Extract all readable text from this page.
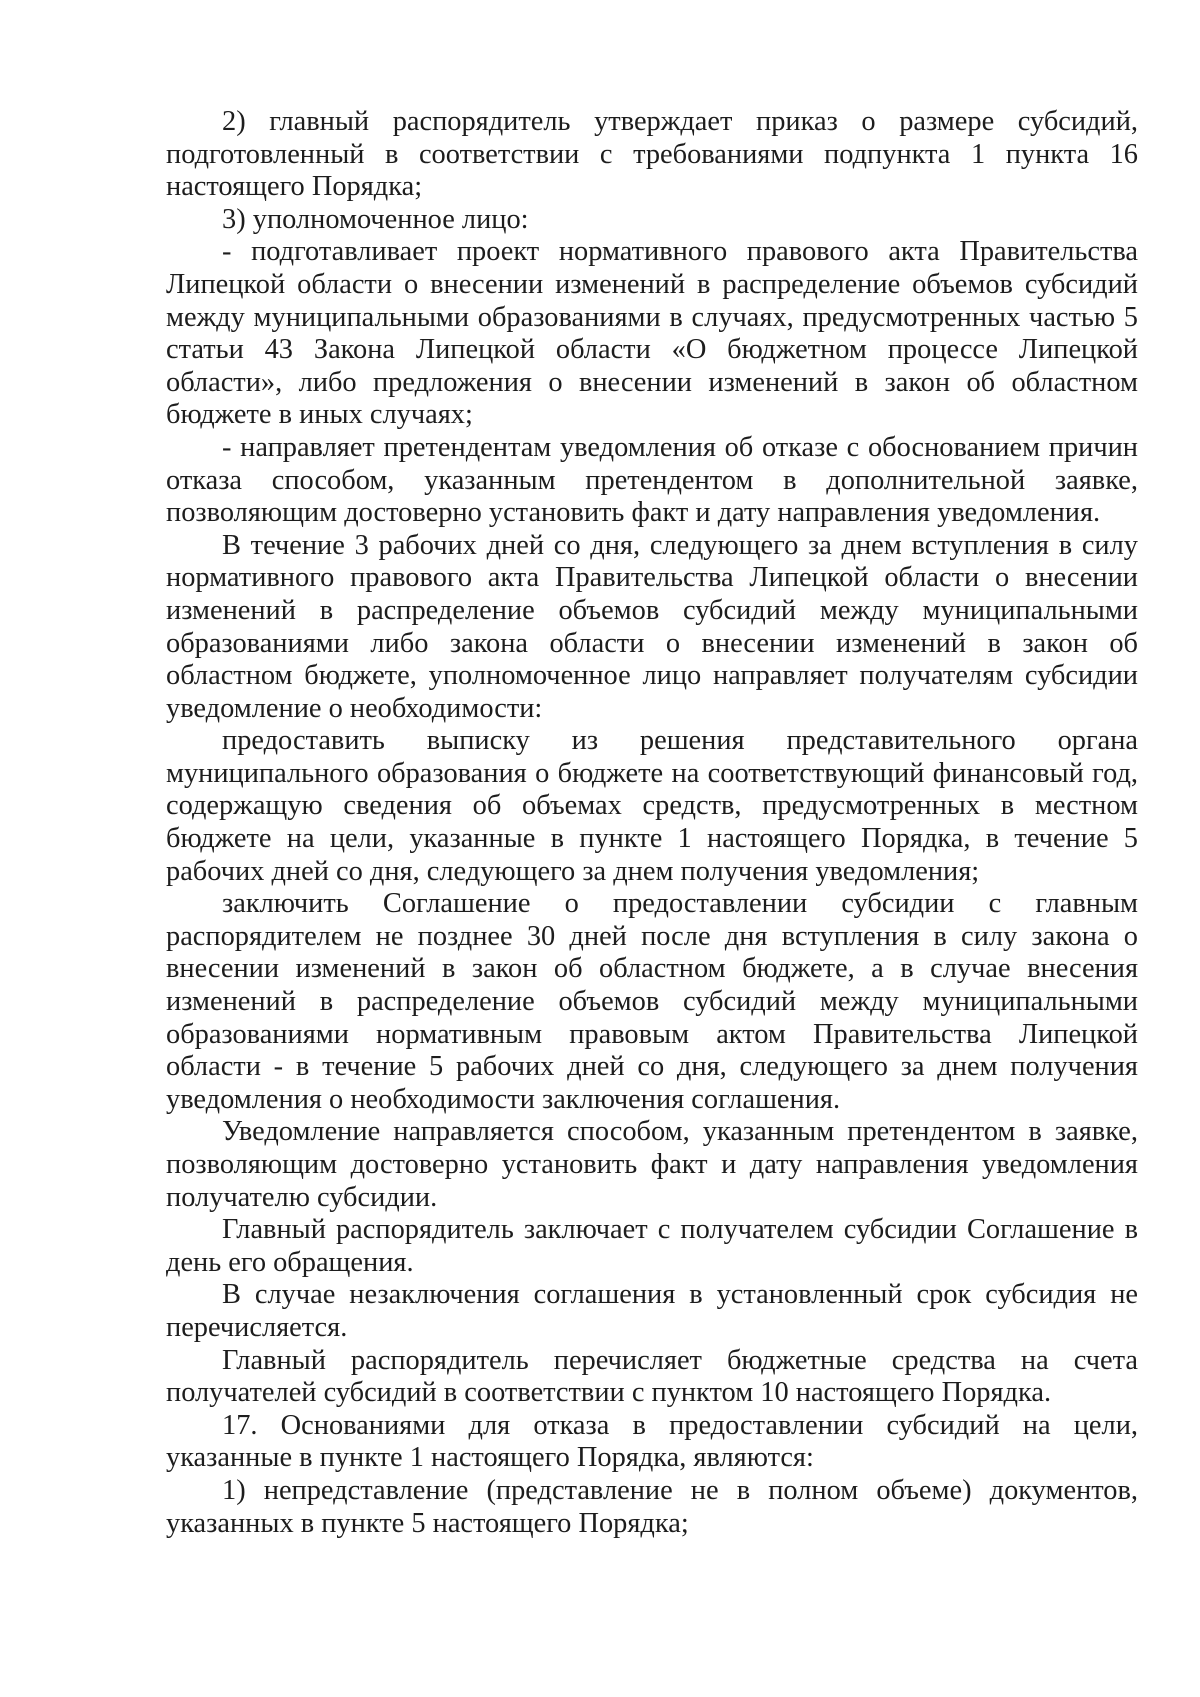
2) главный распорядитель утверждает приказ о размере субсидий, подготовленный в соответствии с требованиями подпункта 1 пункта 16 настоящего Порядка;

3) уполномоченное лицо:

- подготавливает проект нормативного правового акта Правительства Липецкой области о внесении изменений в распределение объемов субсидий между муниципальными образованиями в случаях, предусмотренных частью 5 статьи 43 Закона Липецкой области «О бюджетном процессе Липецкой области», либо предложения о внесении изменений в закон об областном бюджете в иных случаях;

- направляет претендентам уведомления об отказе с обоснованием причин отказа способом, указанным претендентом в дополнительной заявке, позволяющим достоверно установить факт и дату направления уведомления.

В течение 3 рабочих дней со дня, следующего за днем вступления в силу нормативного правового акта Правительства Липецкой области о внесении изменений в распределение объемов субсидий между муниципальными образованиями либо закона области о внесении изменений в закон об областном бюджете, уполномоченное лицо направляет получателям субсидии уведомление о необходимости:

предоставить выписку из решения представительного органа муниципального образования о бюджете на соответствующий финансовый год, содержащую сведения об объемах средств, предусмотренных в местном бюджете на цели, указанные в пункте 1 настоящего Порядка, в течение 5 рабочих дней со дня, следующего за днем получения уведомления;

заключить Соглашение о предоставлении субсидии с главным распорядителем не позднее 30 дней после дня вступления в силу закона о внесении изменений в закон об областном бюджете, а в случае внесения изменений в распределение объемов субсидий между муниципальными образованиями нормативным правовым актом Правительства Липецкой области - в течение 5 рабочих дней со дня, следующего за днем получения уведомления о необходимости заключения соглашения.

Уведомление направляется способом, указанным претендентом в заявке, позволяющим достоверно установить факт и дату направления уведомления получателю субсидии.

Главный распорядитель заключает с получателем субсидии Соглашение в день его обращения.

В случае незаключения соглашения в установленный срок субсидия не перечисляется.

Главный распорядитель перечисляет бюджетные средства на счета получателей субсидий в соответствии с пунктом 10 настоящего Порядка.

17. Основаниями для отказа в предоставлении субсидий на цели, указанные в пункте 1 настоящего Порядка, являются:

1) непредставление (представление не в полном объеме) документов, указанных в пункте 5 настоящего Порядка;
